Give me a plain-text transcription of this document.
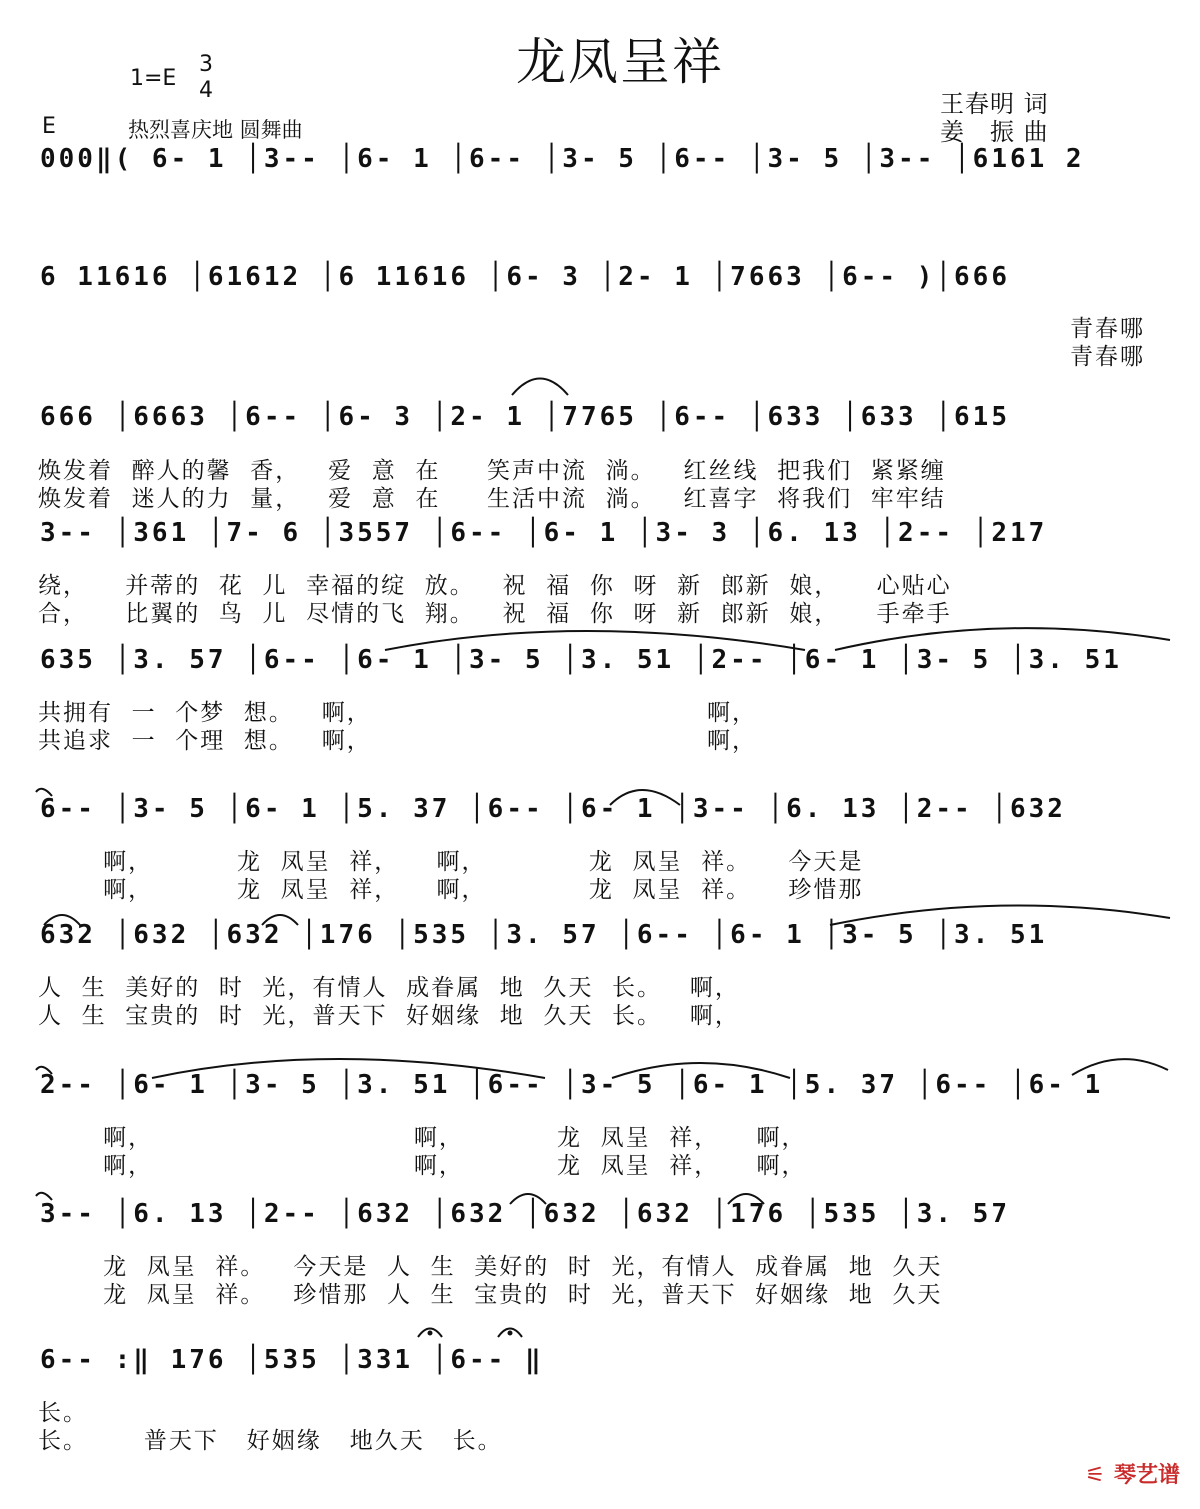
龙凤呈祥
1=E
3
4
E	热烈喜庆地 圆舞曲
王春明 词
姜　振 曲
000‖( 6- 1 │3-- │6- 1 │6-- │3- 5 │6-- │3- 5 │3-- │6161 2
6 11616 │61612 │6 11616 │6- 3 │2- 1 │7663 │6-- )│666
青春哪
青春哪
666 │6663 │6-- │6- 3 │2- 1 │7765 │6-- │633 │633 │615
焕发着  醉人的馨  香，   爱  意  在     笑声中流  淌。   红丝线  把我们  紧紧缠
焕发着  迷人的力  量，   爱  意  在     生活中流  淌。   红喜字  将我们  牢牢结
3-- │361 │7- 6 │3557 │6-- │6- 1 │3- 3 │6. 13 │2-- │217
绕，    并蒂的  花  儿  幸福的绽  放。   祝  福  你  呀  新  郎新  娘，    心贴心
合，    比翼的  鸟  儿  尽情的飞  翔。   祝  福  你  呀  新  郎新  娘，    手牵手
635 │3. 57 │6-- │6- 1 │3- 5 │3. 51 │2-- │6- 1 │3- 5 │3. 51
共拥有  一  个梦  想。   啊，                                    啊，
共追求  一  个理  想。   啊，                                    啊，
6-- │3- 5 │6- 1 │5. 37 │6-- │6- 1 │3-- │6. 13 │2-- │632
啊，         龙  凤呈  祥，    啊，           龙  凤呈  祥。    今天是
啊，         龙  凤呈  祥，    啊，           龙  凤呈  祥。    珍惜那
632 │632 │632 │176 │535 │3. 57 │6-- │6- 1 │3- 5 │3. 51
人  生  美好的  时  光，有情人  成眷属  地  久天  长。   啊，
人  生  宝贵的  时  光，普天下  好姻缘  地  久天  长。   啊，
2-- │6- 1 │3- 5 │3. 51 │6-- │3- 5 │6- 1 │5. 37 │6-- │6- 1
啊，                            啊，          龙  凤呈  祥，    啊，
啊，                            啊，          龙  凤呈  祥，    啊，
3-- │6. 13 │2-- │632 │632 │632 │632 │176 │535 │3. 57
龙  凤呈  祥。   今天是  人  生  美好的  时  光，有情人  成眷属  地  久天
龙  凤呈  祥。   珍惜那  人  生  宝贵的  时  光，普天下  好姻缘  地  久天
6-- :‖ 176 │535 │331 │6-- ‖
长。
长。      普天下   好姻缘   地久天   长。
⚟ 琴艺谱
